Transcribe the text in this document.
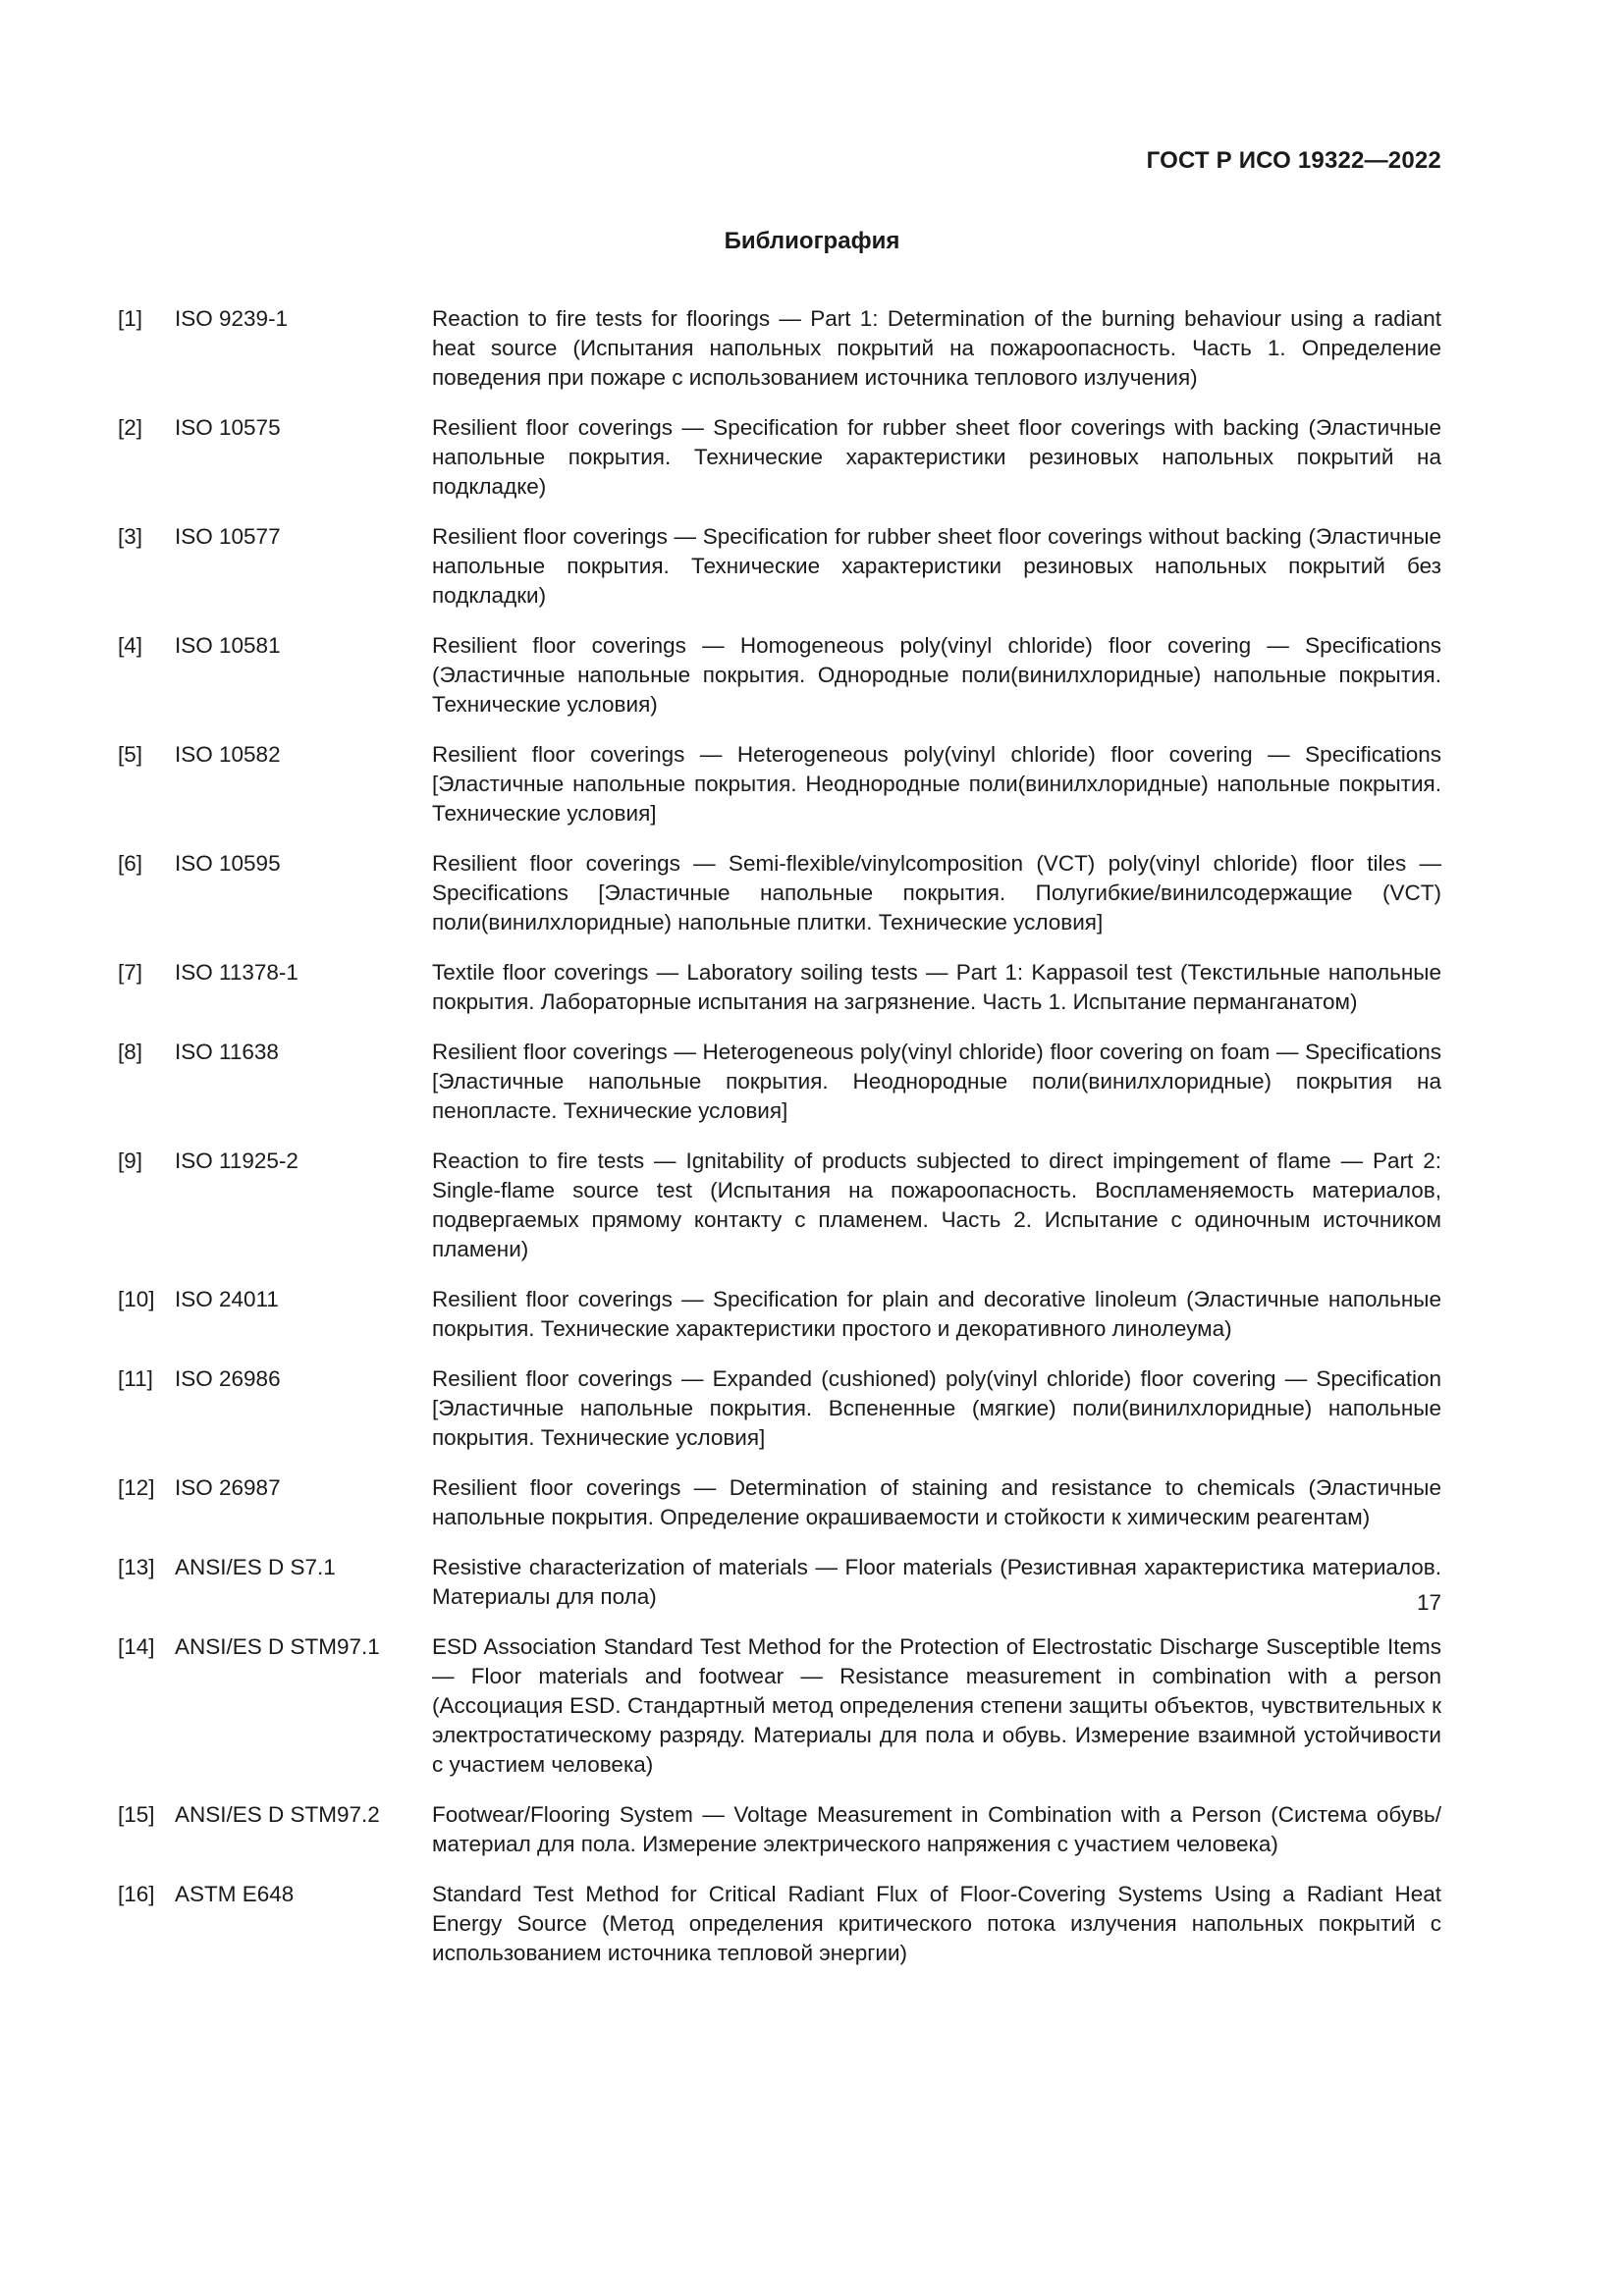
ГОСТ Р ИСО 19322—2022
Библиография
[1]	ISO 9239-1	Reaction to fire tests for floorings — Part 1: Determination of the burning behaviour using a radiant heat source (Испытания напольных покрытий на пожароопасность. Часть 1. Определение поведения при пожаре с использованием источника теплового излучения)
[2]	ISO 10575	Resilient floor coverings — Specification for rubber sheet floor coverings with backing (Эластичные напольные покрытия. Технические характеристики резиновых напольных покрытий на подкладке)
[3]	ISO 10577	Resilient floor coverings — Specification for rubber sheet floor coverings without backing (Эластичные напольные покрытия. Технические характеристики резиновых напольных покрытий без подкладки)
[4]	ISO 10581	Resilient floor coverings — Homogeneous poly(vinyl chloride) floor covering — Specifications (Эластичные напольные покрытия. Однородные поли(винилхлоридные) напольные покрытия. Технические условия)
[5]	ISO 10582	Resilient floor coverings — Heterogeneous poly(vinyl chloride) floor covering — Specifications [Эластичные напольные покрытия. Неоднородные поли(винилхлоридные) напольные покрытия. Технические условия]
[6]	ISO 10595	Resilient floor coverings — Semi-flexible/vinylcomposition (VCT) poly(vinyl chloride) floor tiles — Specifications [Эластичные напольные покрытия. Полугибкие/винилсодержащие (VCT) поли(винилхлоридные) напольные плитки. Технические условия]
[7]	ISO 11378-1	Textile floor coverings — Laboratory soiling tests — Part 1: Kappasoil test (Текстильные напольные покрытия. Лабораторные испытания на загрязнение. Часть 1. Испытание перманганатом)
[8]	ISO 11638	Resilient floor coverings — Heterogeneous poly(vinyl chloride) floor covering on foam — Specifications [Эластичные напольные покрытия. Неоднородные поли(винилхлоридные) покрытия на пенопласте. Технические условия]
[9]	ISO 11925-2	Reaction to fire tests — Ignitability of products subjected to direct impingement of flame — Part 2: Single-flame source test (Испытания на пожароопасность. Воспламеняемость материалов, подвергаемых прямому контакту с пламенем. Часть 2. Испытание с одиночным источником пламени)
[10] ISO 24011	Resilient floor coverings — Specification for plain and decorative linoleum (Эластичные напольные покрытия. Технические характеристики простого и декоративного линолеума)
[11] ISO 26986	Resilient floor coverings — Expanded (cushioned) poly(vinyl chloride) floor covering — Specification [Эластичные напольные покрытия. Вспененные (мягкие) поли(винилхлоридные) напольные покрытия. Технические условия]
[12] ISO 26987	Resilient floor coverings — Determination of staining and resistance to chemicals (Эластичные напольные покрытия. Определение окрашиваемости и стойкости к химическим реагентам)
[13] ANSI/ES D S7.1	Resistive characterization of materials — Floor materials (Резистивная характеристика материалов. Материалы для пола)
[14] ANSI/ES D STM97.1	ESD Association Standard Test Method for the Protection of Electrostatic Discharge Susceptible Items — Floor materials and footwear — Resistance measurement in combination with a person (Ассоциация ESD. Стандартный метод определения степени защиты объектов, чувствительных к электростатическому разряду. Материалы для пола и обувь. Измерение взаимной устойчивости с участием человека)
[15] ANSI/ES D STM97.2	Footwear/Flooring System — Voltage Measurement in Combination with a Person (Система обувь/материал для пола. Измерение электрического напряжения с участием человека)
[16] ASTM E648	Standard Test Method for Critical Radiant Flux of Floor-Covering Systems Using a Radiant Heat Energy Source (Метод определения критического потока излучения напольных покрытий с использованием источника тепловой энергии)
17
